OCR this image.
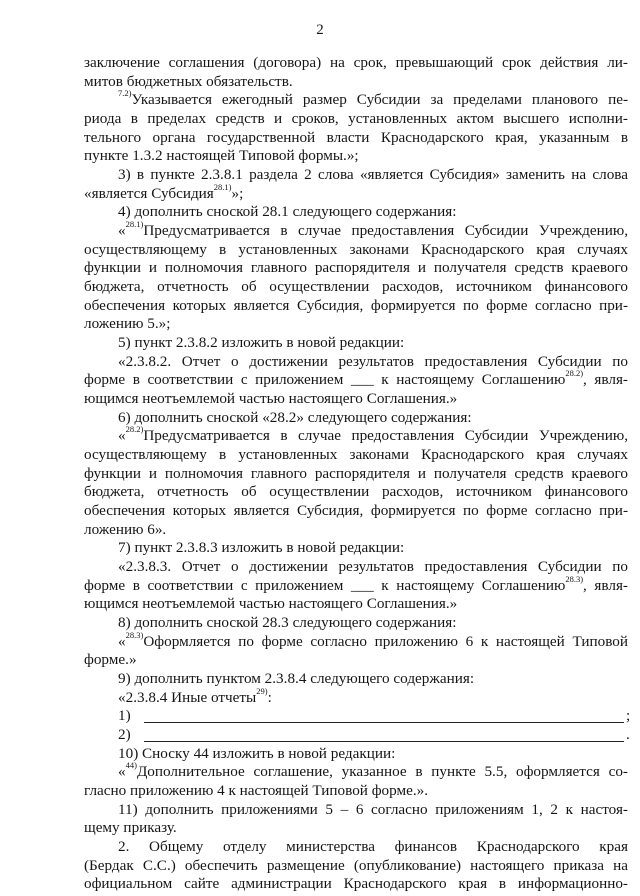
2
заключение соглашения (договора) на срок, превышающий срок действия ли-
митов бюджетных обязательств.
$^{7.2)}$Указывается ежегодный размер Субсидии за пределами планового пе-
риода в пределах средств и сроков, установленных актом высшего исполни-
тельного органа государственной власти Краснодарского края, указанным в
пункте 1.3.2 настоящей Типовой формы.»;
3) в пункте 2.3.8.1 раздела 2 слова «является Субсидия» заменить на слова
«является Субсидия$^{28.1)}$»;
4) дополнить сноской 28.1 следующего содержания:
«$^{28.1)}$Предусматривается в случае предоставления Субсидии Учреждению,
осуществляющему в установленных законами Краснодарского края случаях
функции и полномочия главного распорядителя и получателя средств краевого
бюджета, отчетность об осуществлении расходов, источником финансового
обеспечения которых является Субсидия, формируется по форме согласно при-
ложению 5.»;
5) пункт 2.3.8.2 изложить в новой редакции:
«2.3.8.2. Отчет о достижении результатов предоставления Субсидии по
форме в соответствии с приложением ___ к настоящему Соглашению$^{28.2)}$, явля-
ющимся неотъемлемой частью настоящего Соглашения.»
6) дополнить сноской «28.2» следующего содержания:
«$^{28.2)}$Предусматривается в случае предоставления Субсидии Учреждению,
осуществляющему в установленных законами Краснодарского края случаях
функции и полномочия главного распорядителя и получателя средств краевого
бюджета, отчетность об осуществлении расходов, источником финансового
обеспечения которых является Субсидия, формируется по форме согласно при-
ложению 6».
7) пункт 2.3.8.3 изложить в новой редакции:
«2.3.8.3. Отчет о достижении результатов предоставления Субсидии по
форме в соответствии с приложением ___ к настоящему Соглашению$^{28.3)}$, явля-
ющимся неотъемлемой частью настоящего Соглашения.»
8) дополнить сноской 28.3 следующего содержания:
«$^{28.3)}$Оформляется по форме согласно приложению 6 к настоящей Типовой
форме.»
9) дополнить пунктом 2.3.8.4 следующего содержания:
«2.3.8.4 Иные отчеты$^{29)}$:
1)	;
2)	.
10) Сноску 44 изложить в новой редакции:
«$^{44)}$Дополнительное соглашение, указанное в пункте 5.5, оформляется со-
гласно приложению 4 к настоящей Типовой форме.».
11) дополнить приложениями 5 – 6 согласно приложениям 1, 2 к настоя-
щему приказу.
2. Общему отделу министерства финансов Краснодарского края
(Бердак С.С.) обеспечить размещение (опубликование) настоящего приказа на
официальном сайте администрации Краснодарского края в информационно-
